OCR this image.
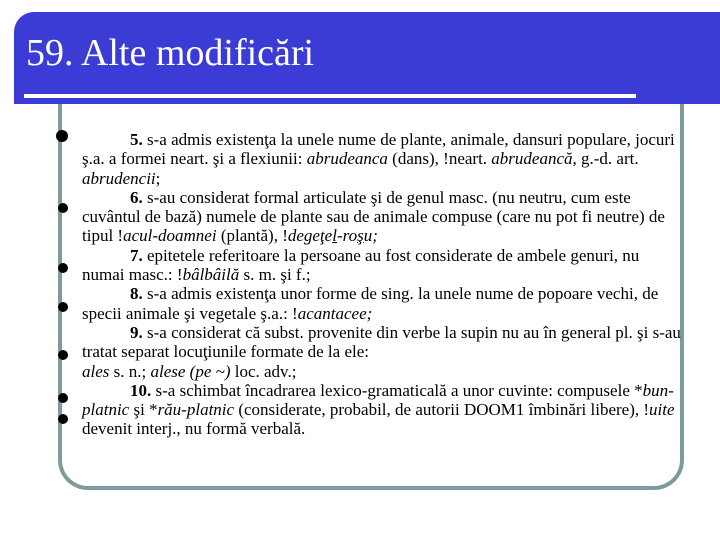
59. Alte modificări

5. s-a admis existenţa la unele nume de plante, animale, dansuri populare, jocuri ş.a. a formei neart. şi a flexiunii: abrudeanca (dans), !neart. abrudeancă, g.-d. art. abrudencii;

6. s-au considerat formal articulate şi de genul masc. (nu neutru, cum este cuvântul de bază) numele de plante sau de animale compuse (care nu pot fi neutre) de tipul !acul-doamnei (plantă), !degeţel-roşu;

7. epitetele referitoare la persoane au fost considerate de ambele genuri, nu numai masc.: !bâlbâilă s. m. şi f.;

8. s-a admis existenţa unor forme de sing. la unele nume de popoare vechi, de specii animale şi vegetale ş.a.: !acantacee;

9. s-a considerat că subst. provenite din verbe la supin nu au în general pl. şi s-au tratat separat locuţiunile formate de la ele:

ales s. n.; alese (pe ~) loc. adv.;

10. s-a schimbat încadrarea lexico-gramaticală a unor cuvinte: compusele *bun-platnic şi *rău-platnic (considerate, probabil, de autorii DOOM1 îmbinări libere), !uite devenit interj., nu formă verbală.
